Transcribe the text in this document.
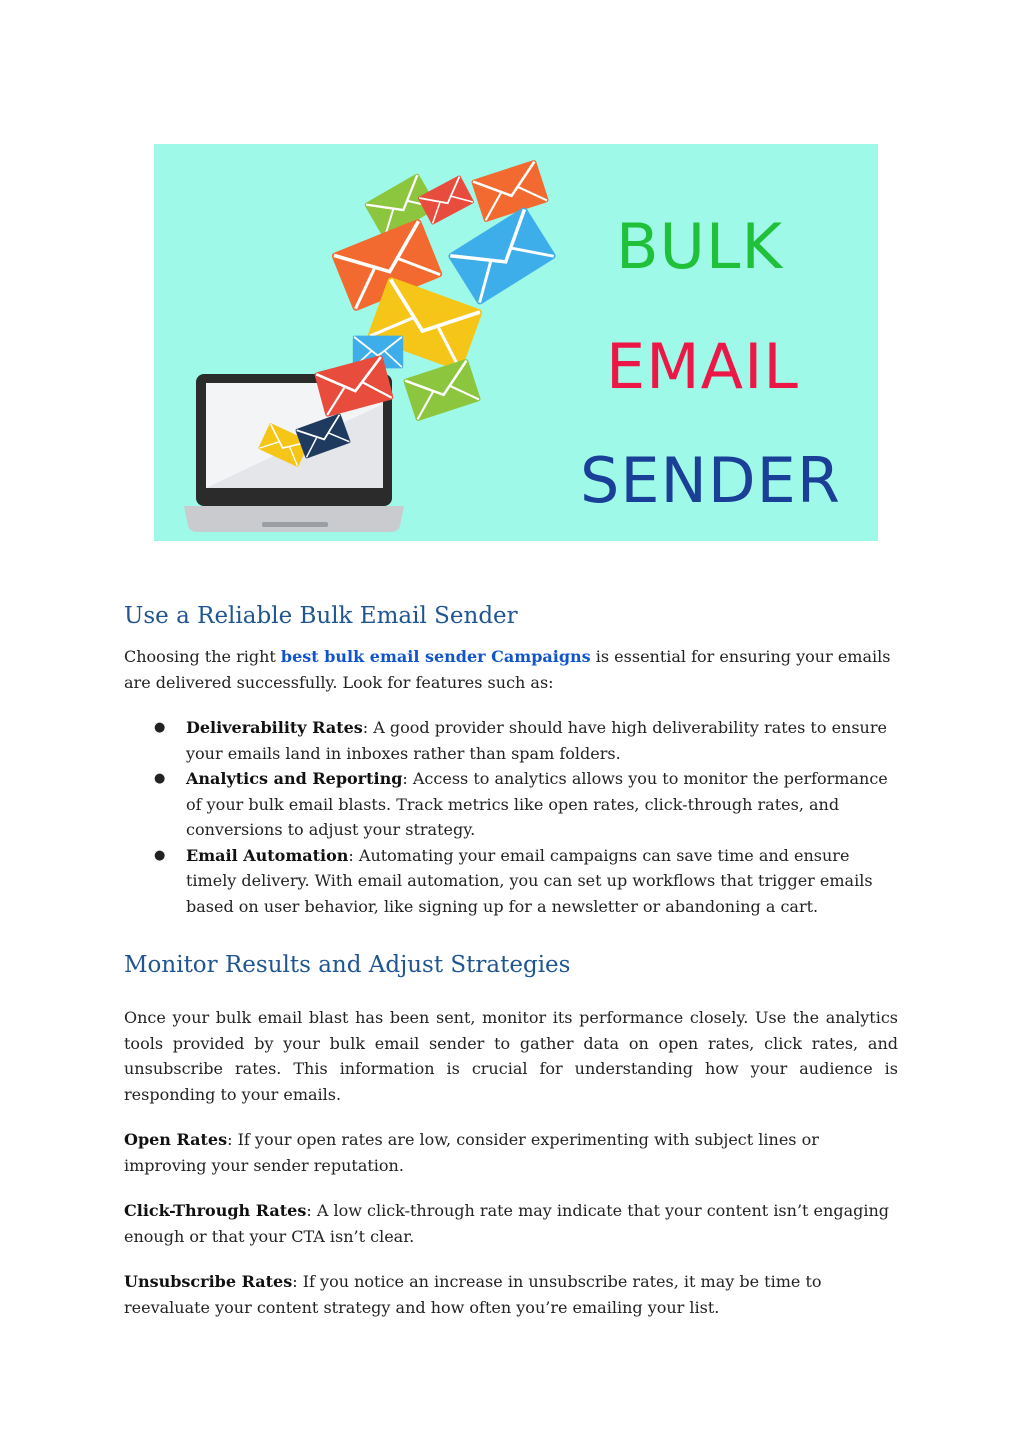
BULK
EMAIL
SENDER
Use a Reliable Bulk Email Sender

Choosing the right best bulk email sender Campaigns is essential for ensuring your emails are delivered successfully. Look for features such as:

● Deliverability Rates: A good provider should have high deliverability rates to ensure your emails land in inboxes rather than spam folders.
● Analytics and Reporting: Access to analytics allows you to monitor the performance of your bulk email blasts. Track metrics like open rates, click-through rates, and conversions to adjust your strategy.
● Email Automation: Automating your email campaigns can save time and ensure timely delivery. With email automation, you can set up workflows that trigger emails based on user behavior, like signing up for a newsletter or abandoning a cart.
Monitor Results and Adjust Strategies

Once your bulk email blast has been sent, monitor its performance closely. Use the analytics tools provided by your bulk email sender to gather data on open rates, click rates, and unsubscribe rates. This information is crucial for understanding how your audience is responding to your emails.

Open Rates: If your open rates are low, consider experimenting with subject lines or improving your sender reputation.

Click-Through Rates: A low click-through rate may indicate that your content isn’t engaging enough or that your CTA isn’t clear.

Unsubscribe Rates: If you notice an increase in unsubscribe rates, it may be time to reevaluate your content strategy and how often you’re emailing your list.
